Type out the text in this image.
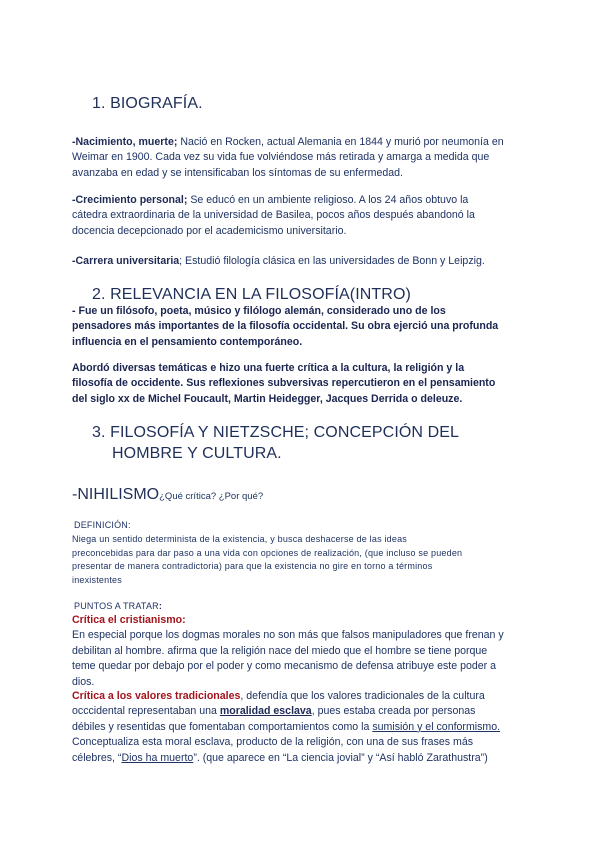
1. BIOGRAFÍA.
-Nacimiento, muerte; Nació en Rocken, actual Alemania en 1844 y murió por neumonía en
Weimar en 1900. Cada vez su vida fue volviéndose más retirada y amarga a medida que
avanzaba en edad y se intensificaban los síntomas de su enfermedad.
-Crecimiento personal; Se educó en un ambiente religioso. A los 24 años obtuvo la
cátedra extraordinaria de la universidad de Basilea, pocos años después abandonó la
docencia decepcionado por el academicismo universitario.
-Carrera universitaria; Estudió filología clásica en las universidades de Bonn y Leipzig.
2. RELEVANCIA EN LA FILOSOFÍA(INTRO)
- Fue un filósofo, poeta, músico y filólogo alemán, considerado uno de los
pensadores más importantes de la filosofía occidental. Su obra ejerció una profunda
influencia en el pensamiento contemporáneo.
Abordó diversas temáticas e hizo una fuerte crítica a la cultura, la religión y la
filosofía de occidente. Sus reflexiones subversivas repercutieron en el pensamiento
del siglo xx de Michel Foucault, Martin Heidegger, Jacques Derrida o deleuze.
3. FILOSOFÍA Y NIETZSCHE; CONCEPCIÓN DEL
HOMBRE Y CULTURA.
-NIHILISMO¿Qué crítica? ¿Por qué?
DEFINICIÓN:
Niega un sentido determinista de la existencia, y busca deshacerse de las ideas
preconcebidas para dar paso a una vida con opciones de realización, (que incluso se pueden
presentar de manera contradictoria) para que la existencia no gire en torno a términos
inexistentes
PUNTOS A TRATAR:
Crítica el cristianismo:
En especial porque los dogmas morales no son más que falsos manipuladores que frenan y
debilitan al hombre. afirma que la religión nace del miedo que el hombre se tiene porque
teme quedar por debajo por el poder y como mecanismo de defensa atribuye este poder a
dios.
Crítica a los valores tradicionales, defendía que los valores tradicionales de la cultura
occcidental representaban una moralidad esclava, pues estaba creada por personas
débiles y resentidas que fomentaban comportamientos como la sumisión y el conformismo.
Conceptualiza esta moral esclava, producto de la religión, con una de sus frases más
célebres, “Dios ha muerto”. (que aparece en “La ciencia jovial” y “Así habló Zarathustra”)
